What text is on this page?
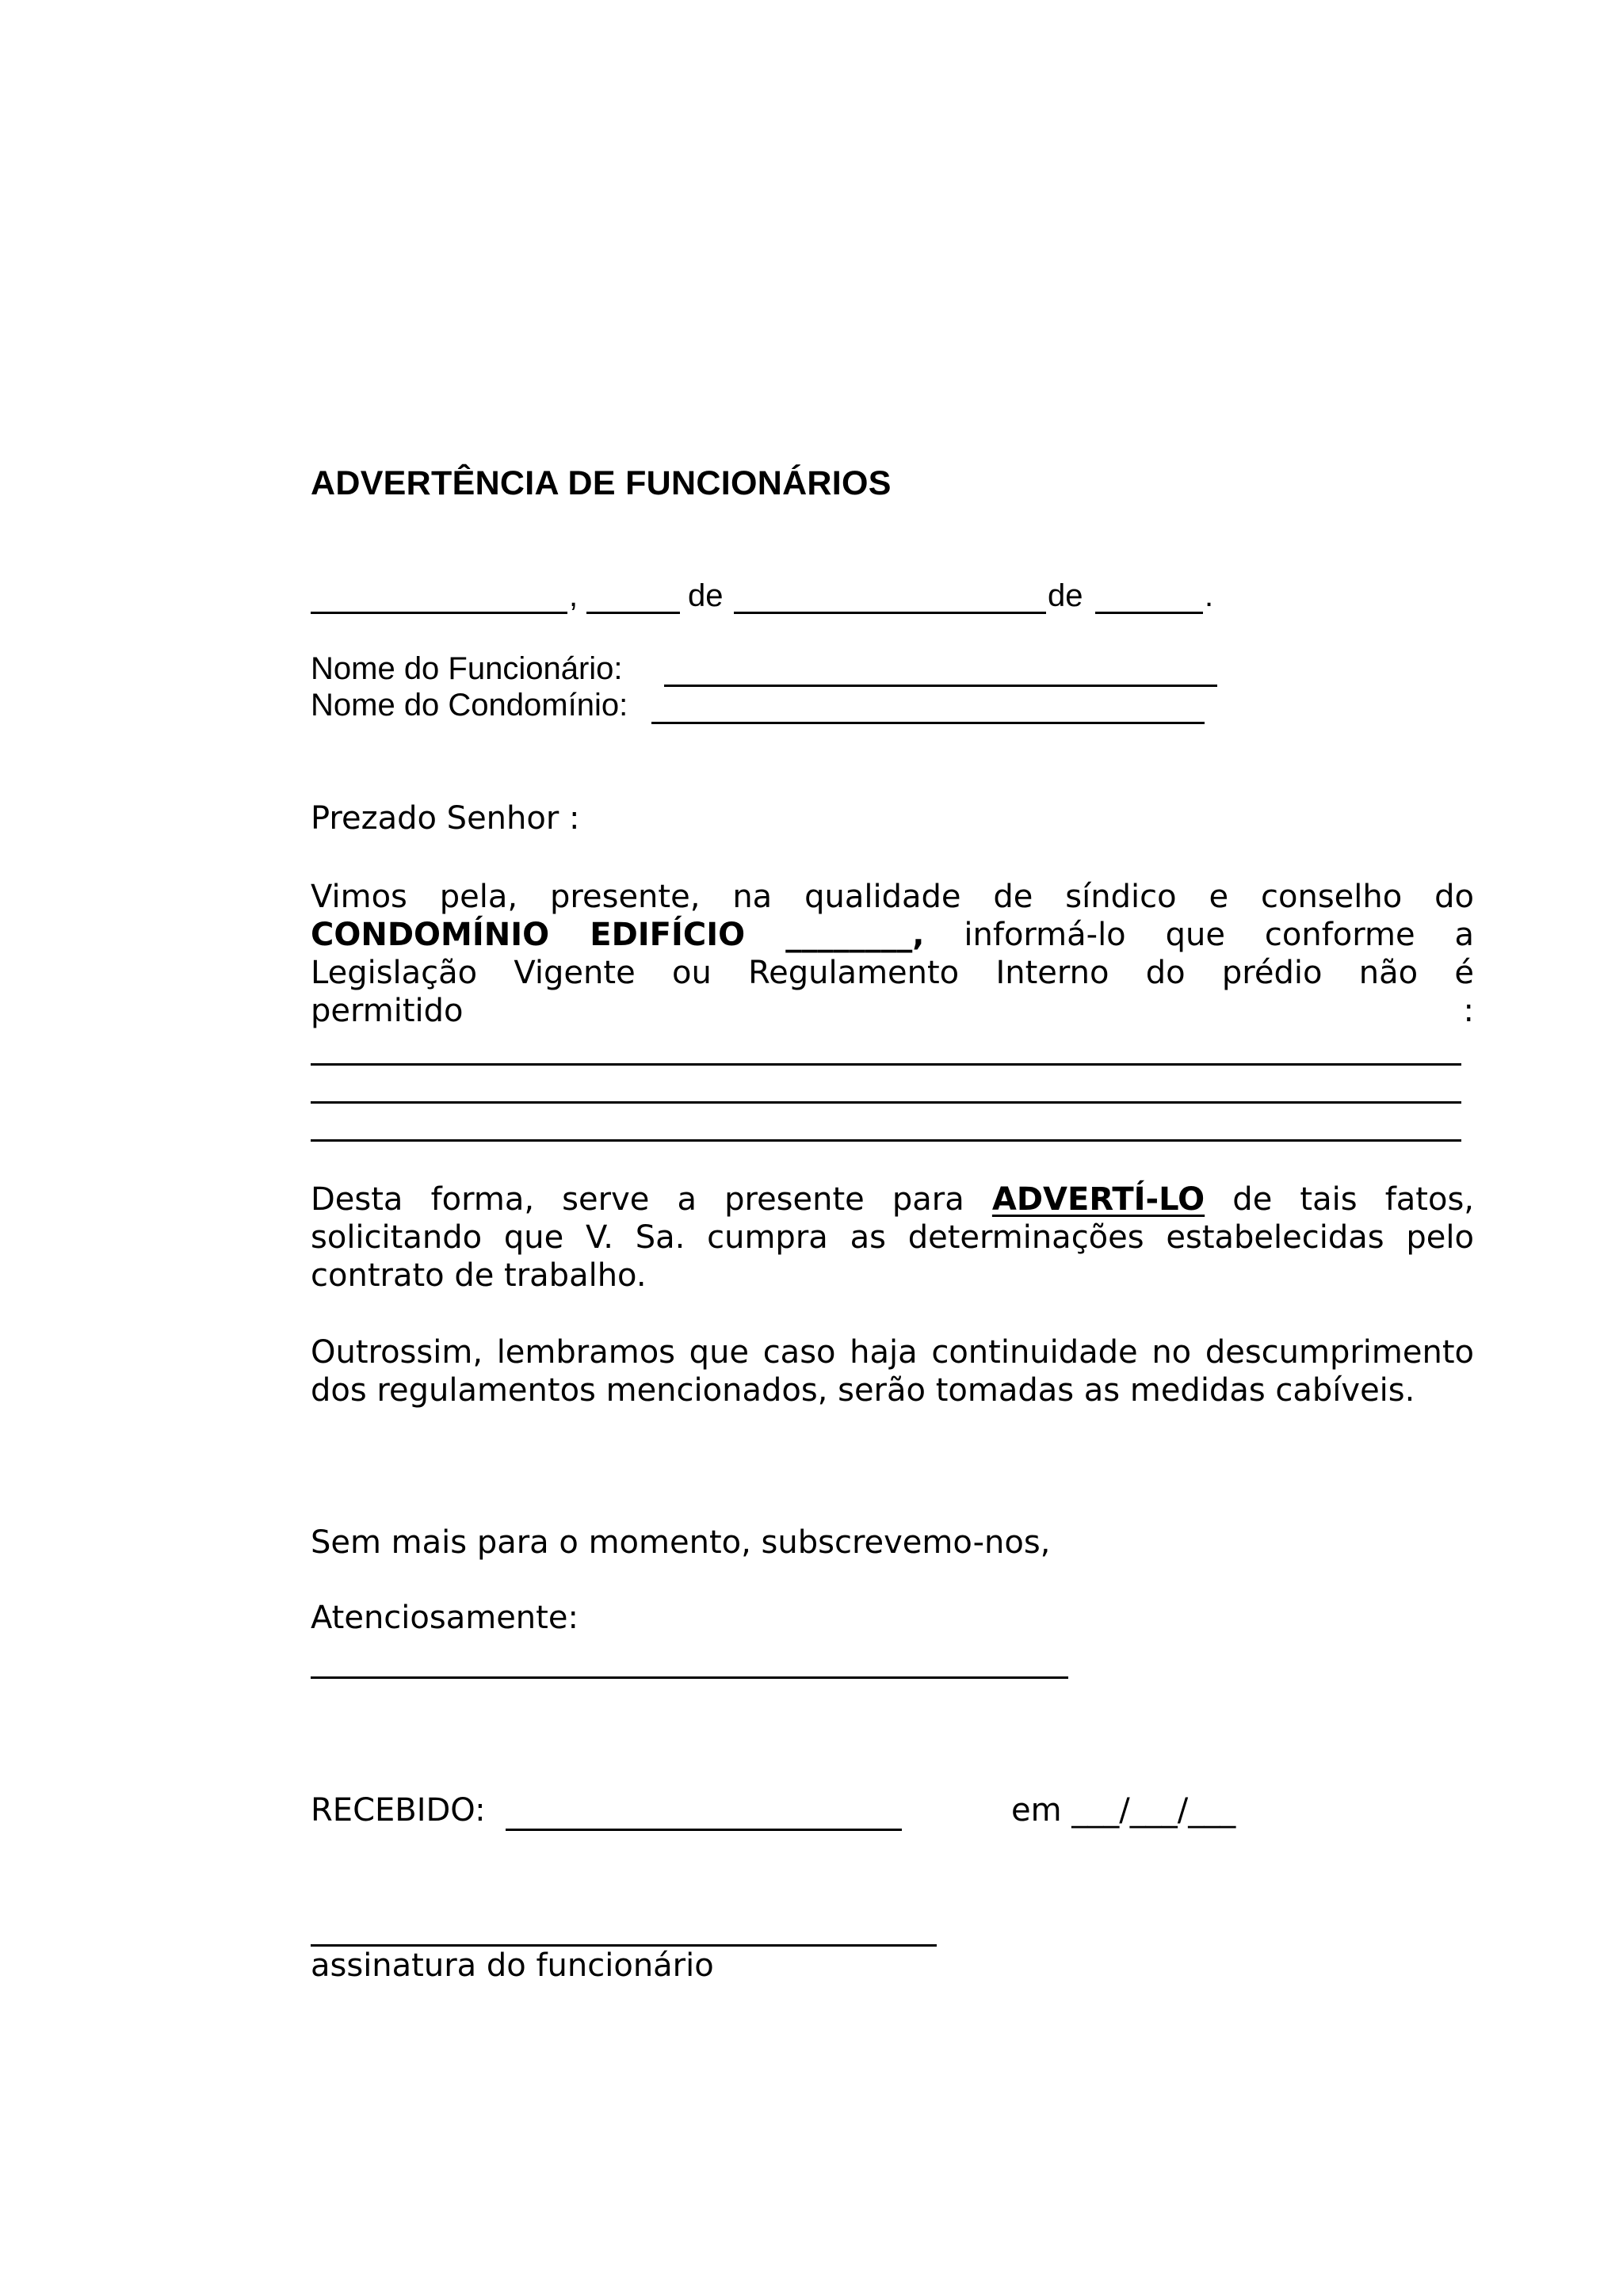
ADVERTÊNCIA DE FUNCIONÁRIOS
,	de	de	.
Nome do Funcionário:
Nome do Condomínio:
Prezado Senhor :
Vimos pela, presente, na qualidade de síndico e conselho do
CONDOMÍNIO EDIFÍCIO ________, informá-lo que conforme a
Legislação Vigente ou Regulamento Interno do prédio não é
permitido	:
Desta forma, serve a presente para ADVERTÍ-LO de tais fatos, solicitando que V. Sa. cumpra as determinações estabelecidas pelo contrato de trabalho.
Outrossim, lembramos que caso haja continuidade no descumprimento dos regulamentos mencionados, serão tomadas as medidas cabíveis.
Sem mais para o momento, subscrevemo-nos,
Atenciosamente:
RECEBIDO:	em ___/___/___
assinatura do funcionário
